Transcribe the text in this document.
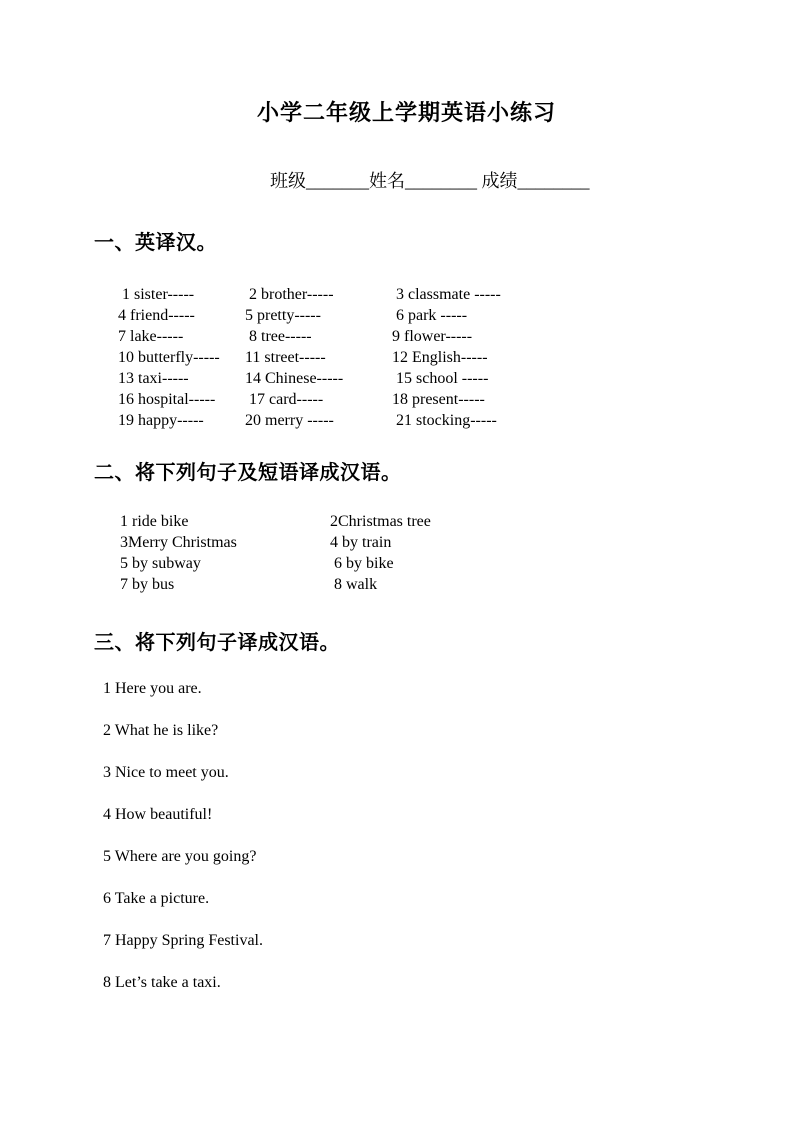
小学二年级上学期英语小练习

班级_______姓名________ 成绩________

一、英译汉。
1 sister-----	2 brother-----	3 classmate -----
4 friend-----	5 pretty-----	6 park -----
7 lake-----	8 tree-----	9 flower-----
10 butterfly-----	11 street-----	12 English-----
13 taxi-----	14 Chinese-----	15 school -----
16 hospital-----	17 card-----	18 present-----
19 happy-----	20 merry -----	21 stocking-----
二、将下列句子及短语译成汉语。
1 ride bike	2Christmas tree
3Merry Christmas	4 by train
5 by subway	6 by bike
7 by bus	8 walk
三、将下列句子译成汉语。

1 Here you are.

2 What he is like?

3 Nice to meet you.

4 How beautiful!

5 Where are you going?

6 Take a picture.

7 Happy Spring Festival.

8 Let’s take a taxi.
